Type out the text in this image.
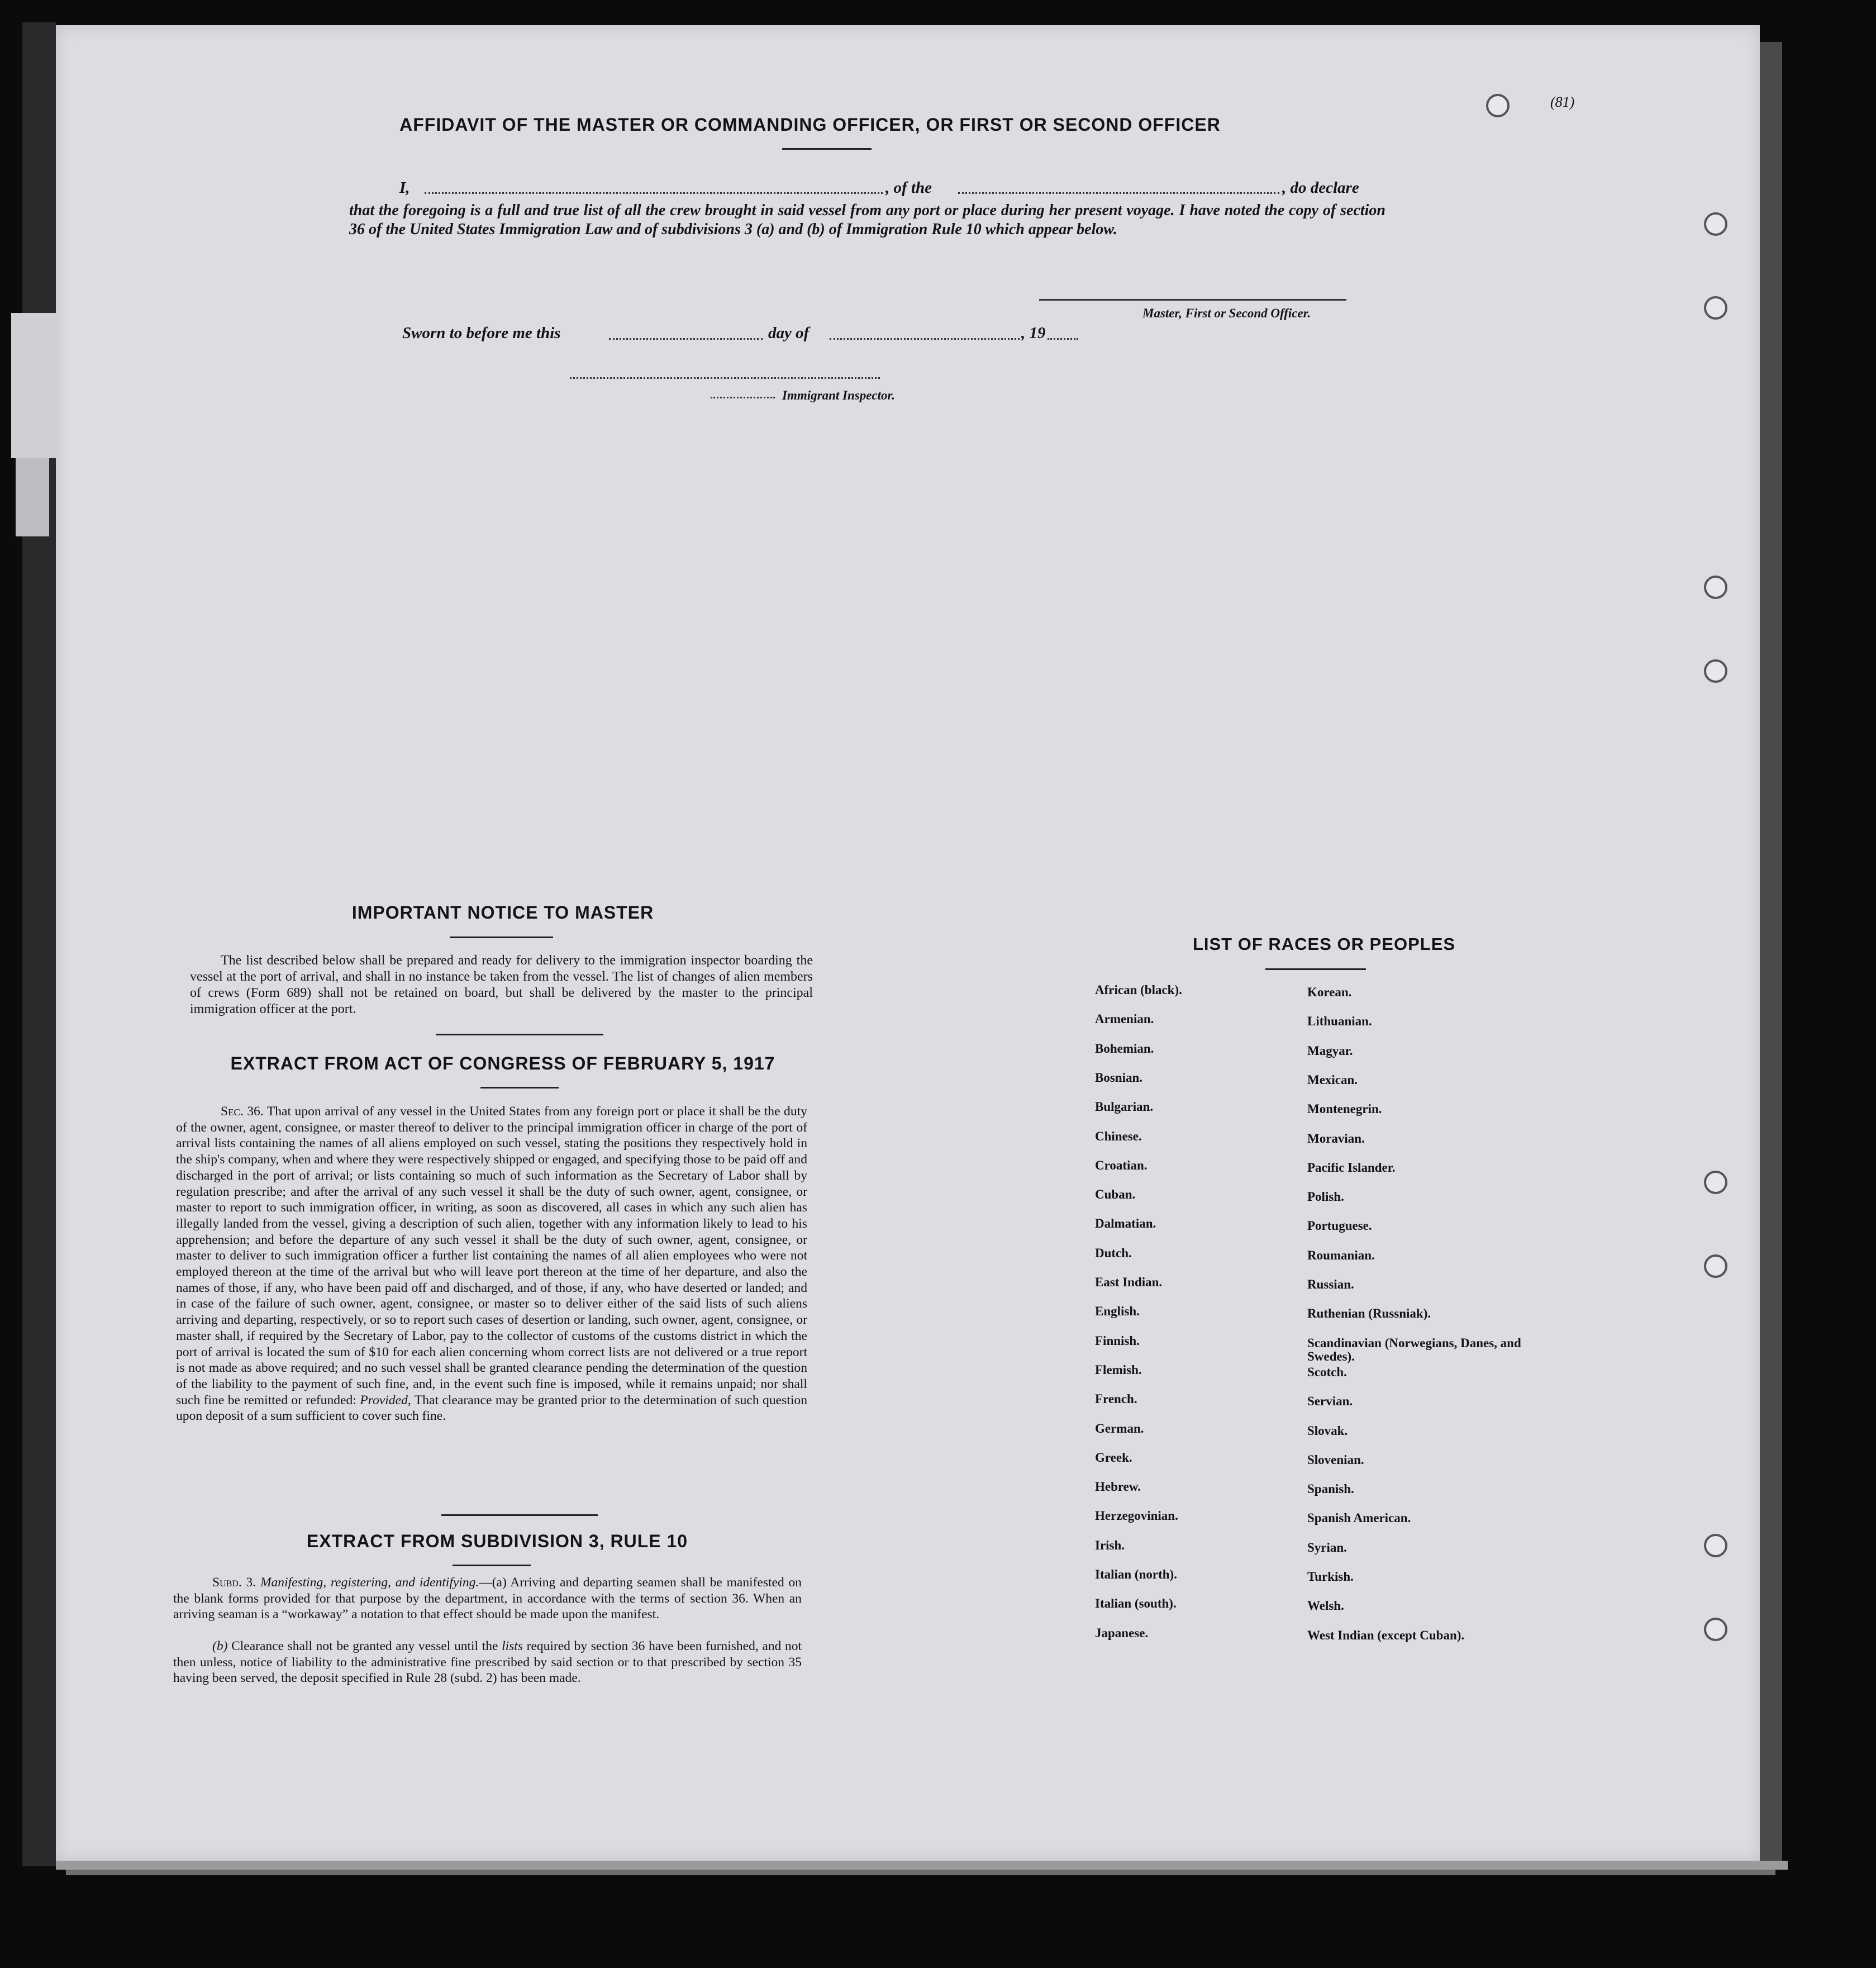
(81)
AFFIDAVIT OF THE MASTER OR COMMANDING OFFICER, OR FIRST OR SECOND OFFICER
I,	, of the	, do declare
that the foregoing is a full and true list of all the crew brought in said vessel from any port or place during her present voyage. I have noted the copy of section 36 of the United States Immigration Law and of subdivisions 3 (a) and (b) of Immigration Rule 10 which appear below.
Master, First or Second Officer.
Sworn to before me this	day of	, 19
Immigrant Inspector.
IMPORTANT NOTICE TO MASTER
The list described below shall be prepared and ready for delivery to the immigration inspector boarding the vessel at the port of arrival, and shall in no instance be taken from the vessel. The list of changes of alien members of crews (Form 689) shall not be retained on board, but shall be delivered by the master to the principal immigration officer at the port.
EXTRACT FROM ACT OF CONGRESS OF FEBRUARY 5, 1917
Sec. 36. That upon arrival of any vessel in the United States from any foreign port or place it shall be the duty of the owner, agent, consignee, or master thereof to deliver to the principal immigration officer in charge of the port of arrival lists containing the names of all aliens employed on such vessel, stating the positions they respectively hold in the ship's company, when and where they were respectively shipped or engaged, and specifying those to be paid off and discharged in the port of arrival; or lists containing so much of such information as the Secretary of Labor shall by regulation prescribe; and after the arrival of any such vessel it shall be the duty of such owner, agent, consignee, or master to report to such immigration officer, in writing, as soon as discovered, all cases in which any such alien has illegally landed from the vessel, giving a description of such alien, together with any information likely to lead to his apprehension; and before the departure of any such vessel it shall be the duty of such owner, agent, consignee, or master to deliver to such immigration officer a further list containing the names of all alien employees who were not employed thereon at the time of the arrival but who will leave port thereon at the time of her departure, and also the names of those, if any, who have been paid off and discharged, and of those, if any, who have deserted or landed; and in case of the failure of such owner, agent, consignee, or master so to deliver either of the said lists of such aliens arriving and departing, respectively, or so to report such cases of desertion or landing, such owner, agent, consignee, or master shall, if required by the Secretary of Labor, pay to the collector of customs of the customs district in which the port of arrival is located the sum of $10 for each alien concerning whom correct lists are not delivered or a true report is not made as above required; and no such vessel shall be granted clearance pending the determination of the question of the liability to the payment of such fine, and, in the event such fine is imposed, while it remains unpaid; nor shall such fine be remitted or refunded: Provided, That clearance may be granted prior to the determination of such question upon deposit of a sum sufficient to cover such fine.
EXTRACT FROM SUBDIVISION 3, RULE 10
Subd. 3. Manifesting, registering, and identifying.—(a) Arriving and departing seamen shall be manifested on the blank forms provided for that purpose by the department, in accordance with the terms of section 36. When an arriving seaman is a “workaway” a notation to that effect should be made upon the manifest.
(b) Clearance shall not be granted any vessel until the lists required by section 36 have been furnished, and not then unless, notice of liability to the administrative fine prescribed by said section or to that prescribed by section 35 having been served, the deposit specified in Rule 28 (subd. 2) has been made.
LIST OF RACES OR PEOPLES
African (black).
Armenian.
Bohemian.
Bosnian.
Bulgarian.
Chinese.
Croatian.
Cuban.
Dalmatian.
Dutch.
East Indian.
English.
Finnish.
Flemish.
French.
German.
Greek.
Hebrew.
Herzegovinian.
Irish.
Italian (north).
Italian (south).
Japanese.
Korean.
Lithuanian.
Magyar.
Mexican.
Montenegrin.
Moravian.
Pacific Islander.
Polish.
Portuguese.
Roumanian.
Russian.
Ruthenian (Russniak).
Scandinavian (Norwegians, Danes, and Swedes).
Scotch.
Servian.
Slovak.
Slovenian.
Spanish.
Spanish American.
Syrian.
Turkish.
Welsh.
West Indian (except Cuban).
